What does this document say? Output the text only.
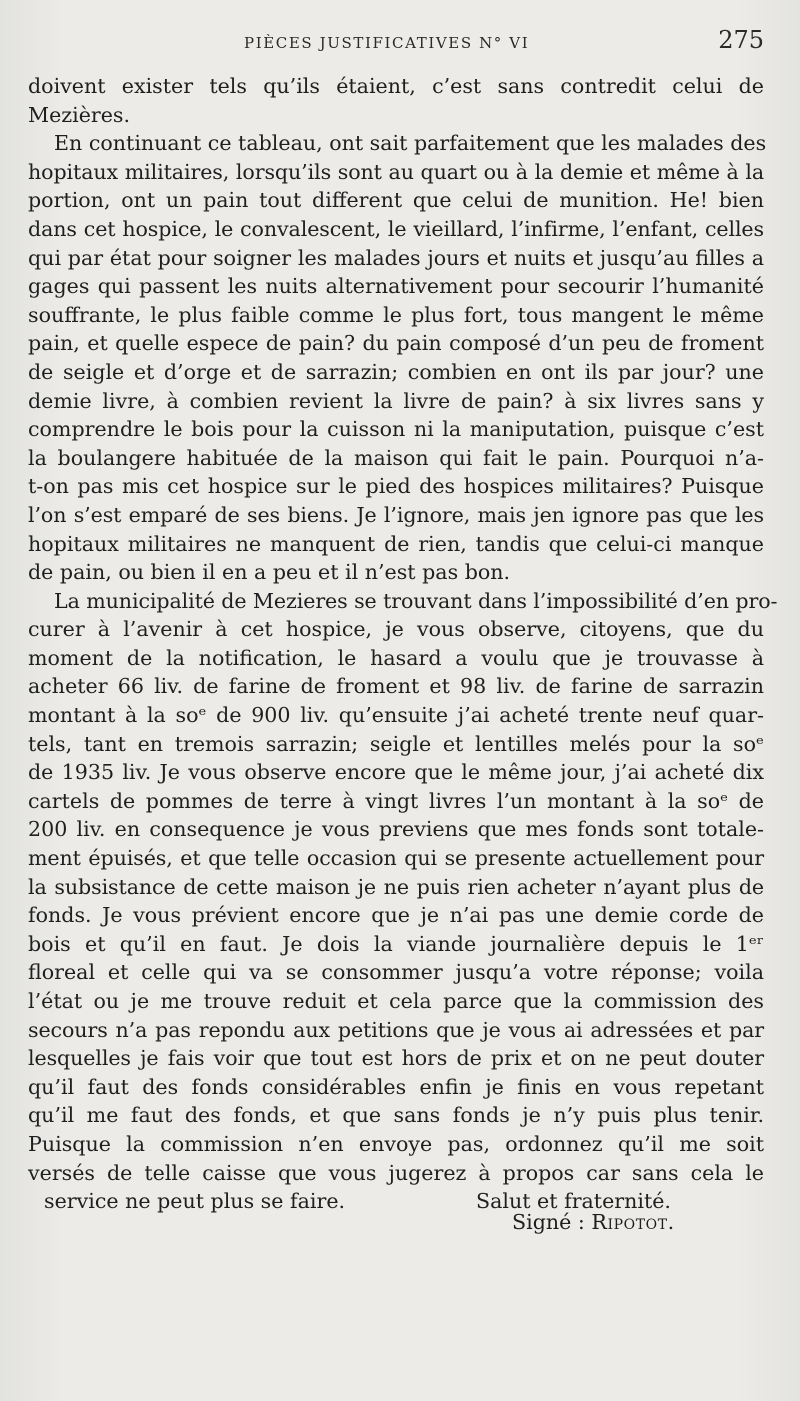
PIÈCES JUSTIFICATIVES N° VI	275
doivent exister tels qu’ils étaient, c’est sans contredit celui de
Mezières.
En continuant ce tableau, ont sait parfaitement que les malades des
hopitaux militaires, lorsqu’ils sont au quart ou à la demie et même à la
portion, ont un pain tout different que celui de munition. He! bien
dans cet hospice, le convalescent, le vieillard, l’infirme, l’enfant, celles
qui par état pour soigner les malades jours et nuits et jusqu’au filles a
gages qui passent les nuits alternativement pour secourir l’humanité
souffrante, le plus faible comme le plus fort, tous mangent le même
pain, et quelle espece de pain? du pain composé d’un peu de froment
de seigle et d’orge et de sarrazin; combien en ont ils par jour? une
demie livre, à combien revient la livre de pain? à six livres sans y
comprendre le bois pour la cuisson ni la maniputation, puisque c’est
la boulangere habituée de la maison qui fait le pain. Pourquoi n’a-
t-on pas mis cet hospice sur le pied des hospices militaires? Puisque
l’on s’est emparé de ses biens. Je l’ignore, mais jen ignore pas que les
hopitaux militaires ne manquent de rien, tandis que celui-ci manque
de pain, ou bien il en a peu et il n’est pas bon.
La municipalité de Mezieres se trouvant dans l’impossibilité d’en pro-
curer à l’avenir à cet hospice, je vous observe, citoyens, que du
moment de la notification, le hasard a voulu que je trouvasse à
acheter 66 liv. de farine de froment et 98 liv. de farine de sarrazin
montant à la soᵉ de 900 liv. qu’ensuite j’ai acheté trente neuf quar-
tels, tant en tremois sarrazin; seigle et lentilles melés pour la soᵉ
de 1935 liv. Je vous observe encore que le même jour, j’ai acheté dix
cartels de pommes de terre à vingt livres l’un montant à la soᵉ de
200 liv. en consequence je vous previens que mes fonds sont totale-
ment épuisés, et que telle occasion qui se presente actuellement pour
la subsistance de cette maison je ne puis rien acheter n’ayant plus de
fonds. Je vous prévient encore que je n’ai pas une demie corde de
bois et qu’il en faut. Je dois la viande journalière depuis le 1ᵉʳ
floreal et celle qui va se consommer jusqu’a votre réponse; voila
l’état ou je me trouve reduit et cela parce que la commission des
secours n’a pas repondu aux petitions que je vous ai adressées et par
lesquelles je fais voir que tout est hors de prix et on ne peut douter
qu’il faut des fonds considérables enfin je finis en vous repetant
qu’il me faut des fonds, et que sans fonds je n’y puis plus tenir.
Puisque la commission n’en envoye pas, ordonnez qu’il me soit
versés de telle caisse que vous jugerez à propos car sans cela le
service ne peut plus se faire.	Salut et fraternité.
Signé : Ripotot.
